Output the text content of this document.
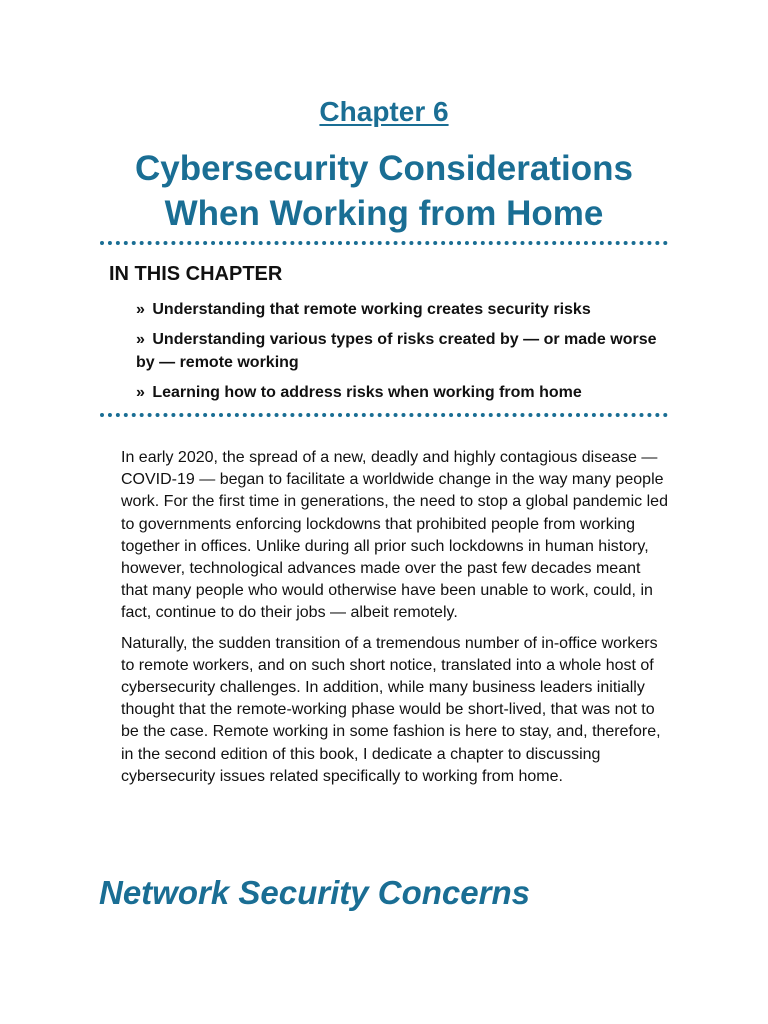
Chapter 6
Cybersecurity Considerations
When Working from Home
IN THIS CHAPTER
» Understanding that remote working creates security risks
» Understanding various types of risks created by — or made worse by — remote working
» Learning how to address risks when working from home

In early 2020, the spread of a new, deadly and highly contagious disease — COVID-19 — began to facilitate a worldwide change in the way many people work. For the first time in generations, the need to stop a global pandemic led to governments enforcing lockdowns that prohibited people from working together in offices. Unlike during all prior such lockdowns in human history, however, technological advances made over the past few decades meant that many people who would otherwise have been unable to work, could, in fact, continue to do their jobs — albeit remotely.

Naturally, the sudden transition of a tremendous number of in-office workers to remote workers, and on such short notice, translated into a whole host of cybersecurity challenges. In addition, while many business leaders initially thought that the remote-working phase would be short-lived, that was not to be the case. Remote working in some fashion is here to stay, and, therefore, in the second edition of this book, I dedicate a chapter to discussing cybersecurity issues related specifically to working from home.

Network Security Concerns
